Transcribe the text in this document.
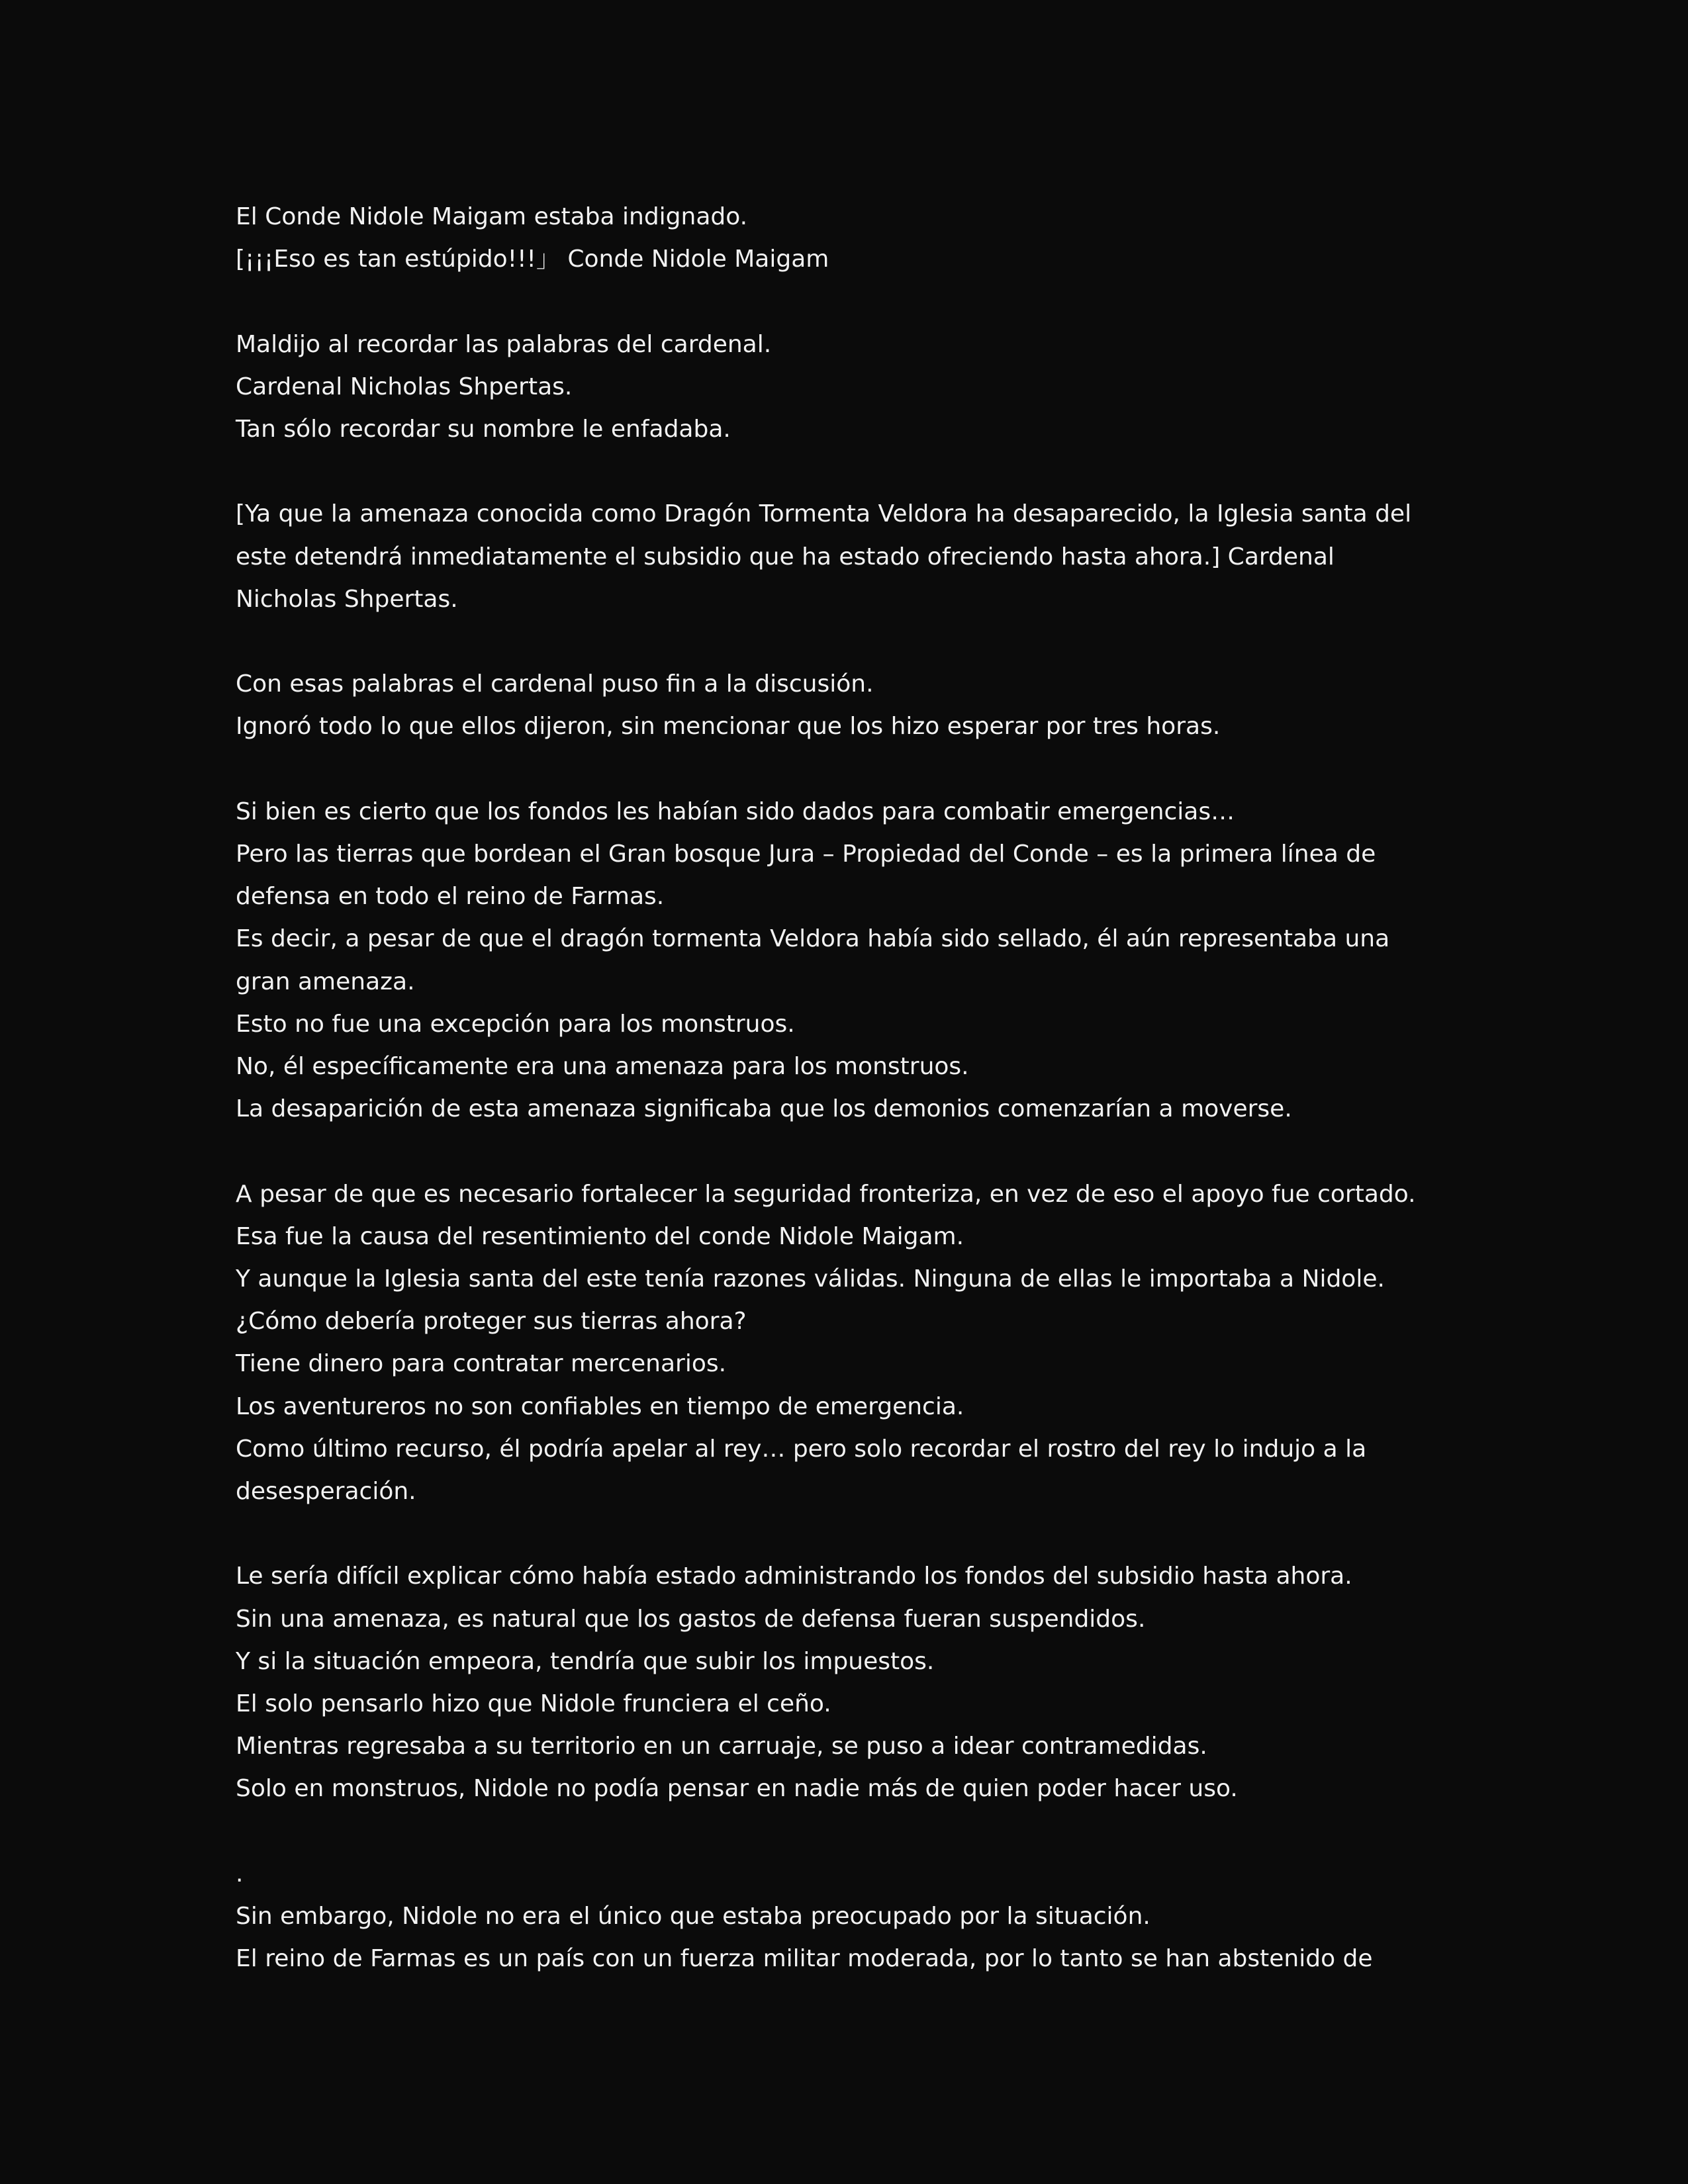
El Conde Nidole Maigam estaba indignado.
[¡¡¡Eso es tan estúpido!!!」 Conde Nidole Maigam
Maldijo al recordar las palabras del cardenal.
Cardenal Nicholas Shpertas.
Tan sólo recordar su nombre le enfadaba.
[Ya que la amenaza conocida como Dragón Tormenta Veldora ha desaparecido, la Iglesia santa del
este detendrá inmediatamente el subsidio que ha estado ofreciendo hasta ahora.] Cardenal
Nicholas Shpertas.
Con esas palabras el cardenal puso fin a la discusión.
Ignoró todo lo que ellos dijeron, sin mencionar que los hizo esperar por tres horas.
Si bien es cierto que los fondos les habían sido dados para combatir emergencias…
Pero las tierras que bordean el Gran bosque Jura – Propiedad del Conde – es la primera línea de
defensa en todo el reino de Farmas.
Es decir, a pesar de que el dragón tormenta Veldora había sido sellado, él aún representaba una
gran amenaza.
Esto no fue una excepción para los monstruos.
No, él específicamente era una amenaza para los monstruos.
La desaparición de esta amenaza significaba que los demonios comenzarían a moverse.
A pesar de que es necesario fortalecer la seguridad fronteriza, en vez de eso el apoyo fue cortado.
Esa fue la causa del resentimiento del conde Nidole Maigam.
Y aunque la Iglesia santa del este tenía razones válidas. Ninguna de ellas le importaba a Nidole.
¿Cómo debería proteger sus tierras ahora?
Tiene dinero para contratar mercenarios.
Los aventureros no son confiables en tiempo de emergencia.
Como último recurso, él podría apelar al rey… pero solo recordar el rostro del rey lo indujo a la
desesperación.
Le sería difícil explicar cómo había estado administrando los fondos del subsidio hasta ahora.
Sin una amenaza, es natural que los gastos de defensa fueran suspendidos.
Y si la situación empeora, tendría que subir los impuestos.
El solo pensarlo hizo que Nidole frunciera el ceño.
Mientras regresaba a su territorio en un carruaje, se puso a idear contramedidas.
Solo en monstruos, Nidole no podía pensar en nadie más de quien poder hacer uso.
.
Sin embargo, Nidole no era el único que estaba preocupado por la situación.
El reino de Farmas es un país con un fuerza militar moderada, por lo tanto se han abstenido de
